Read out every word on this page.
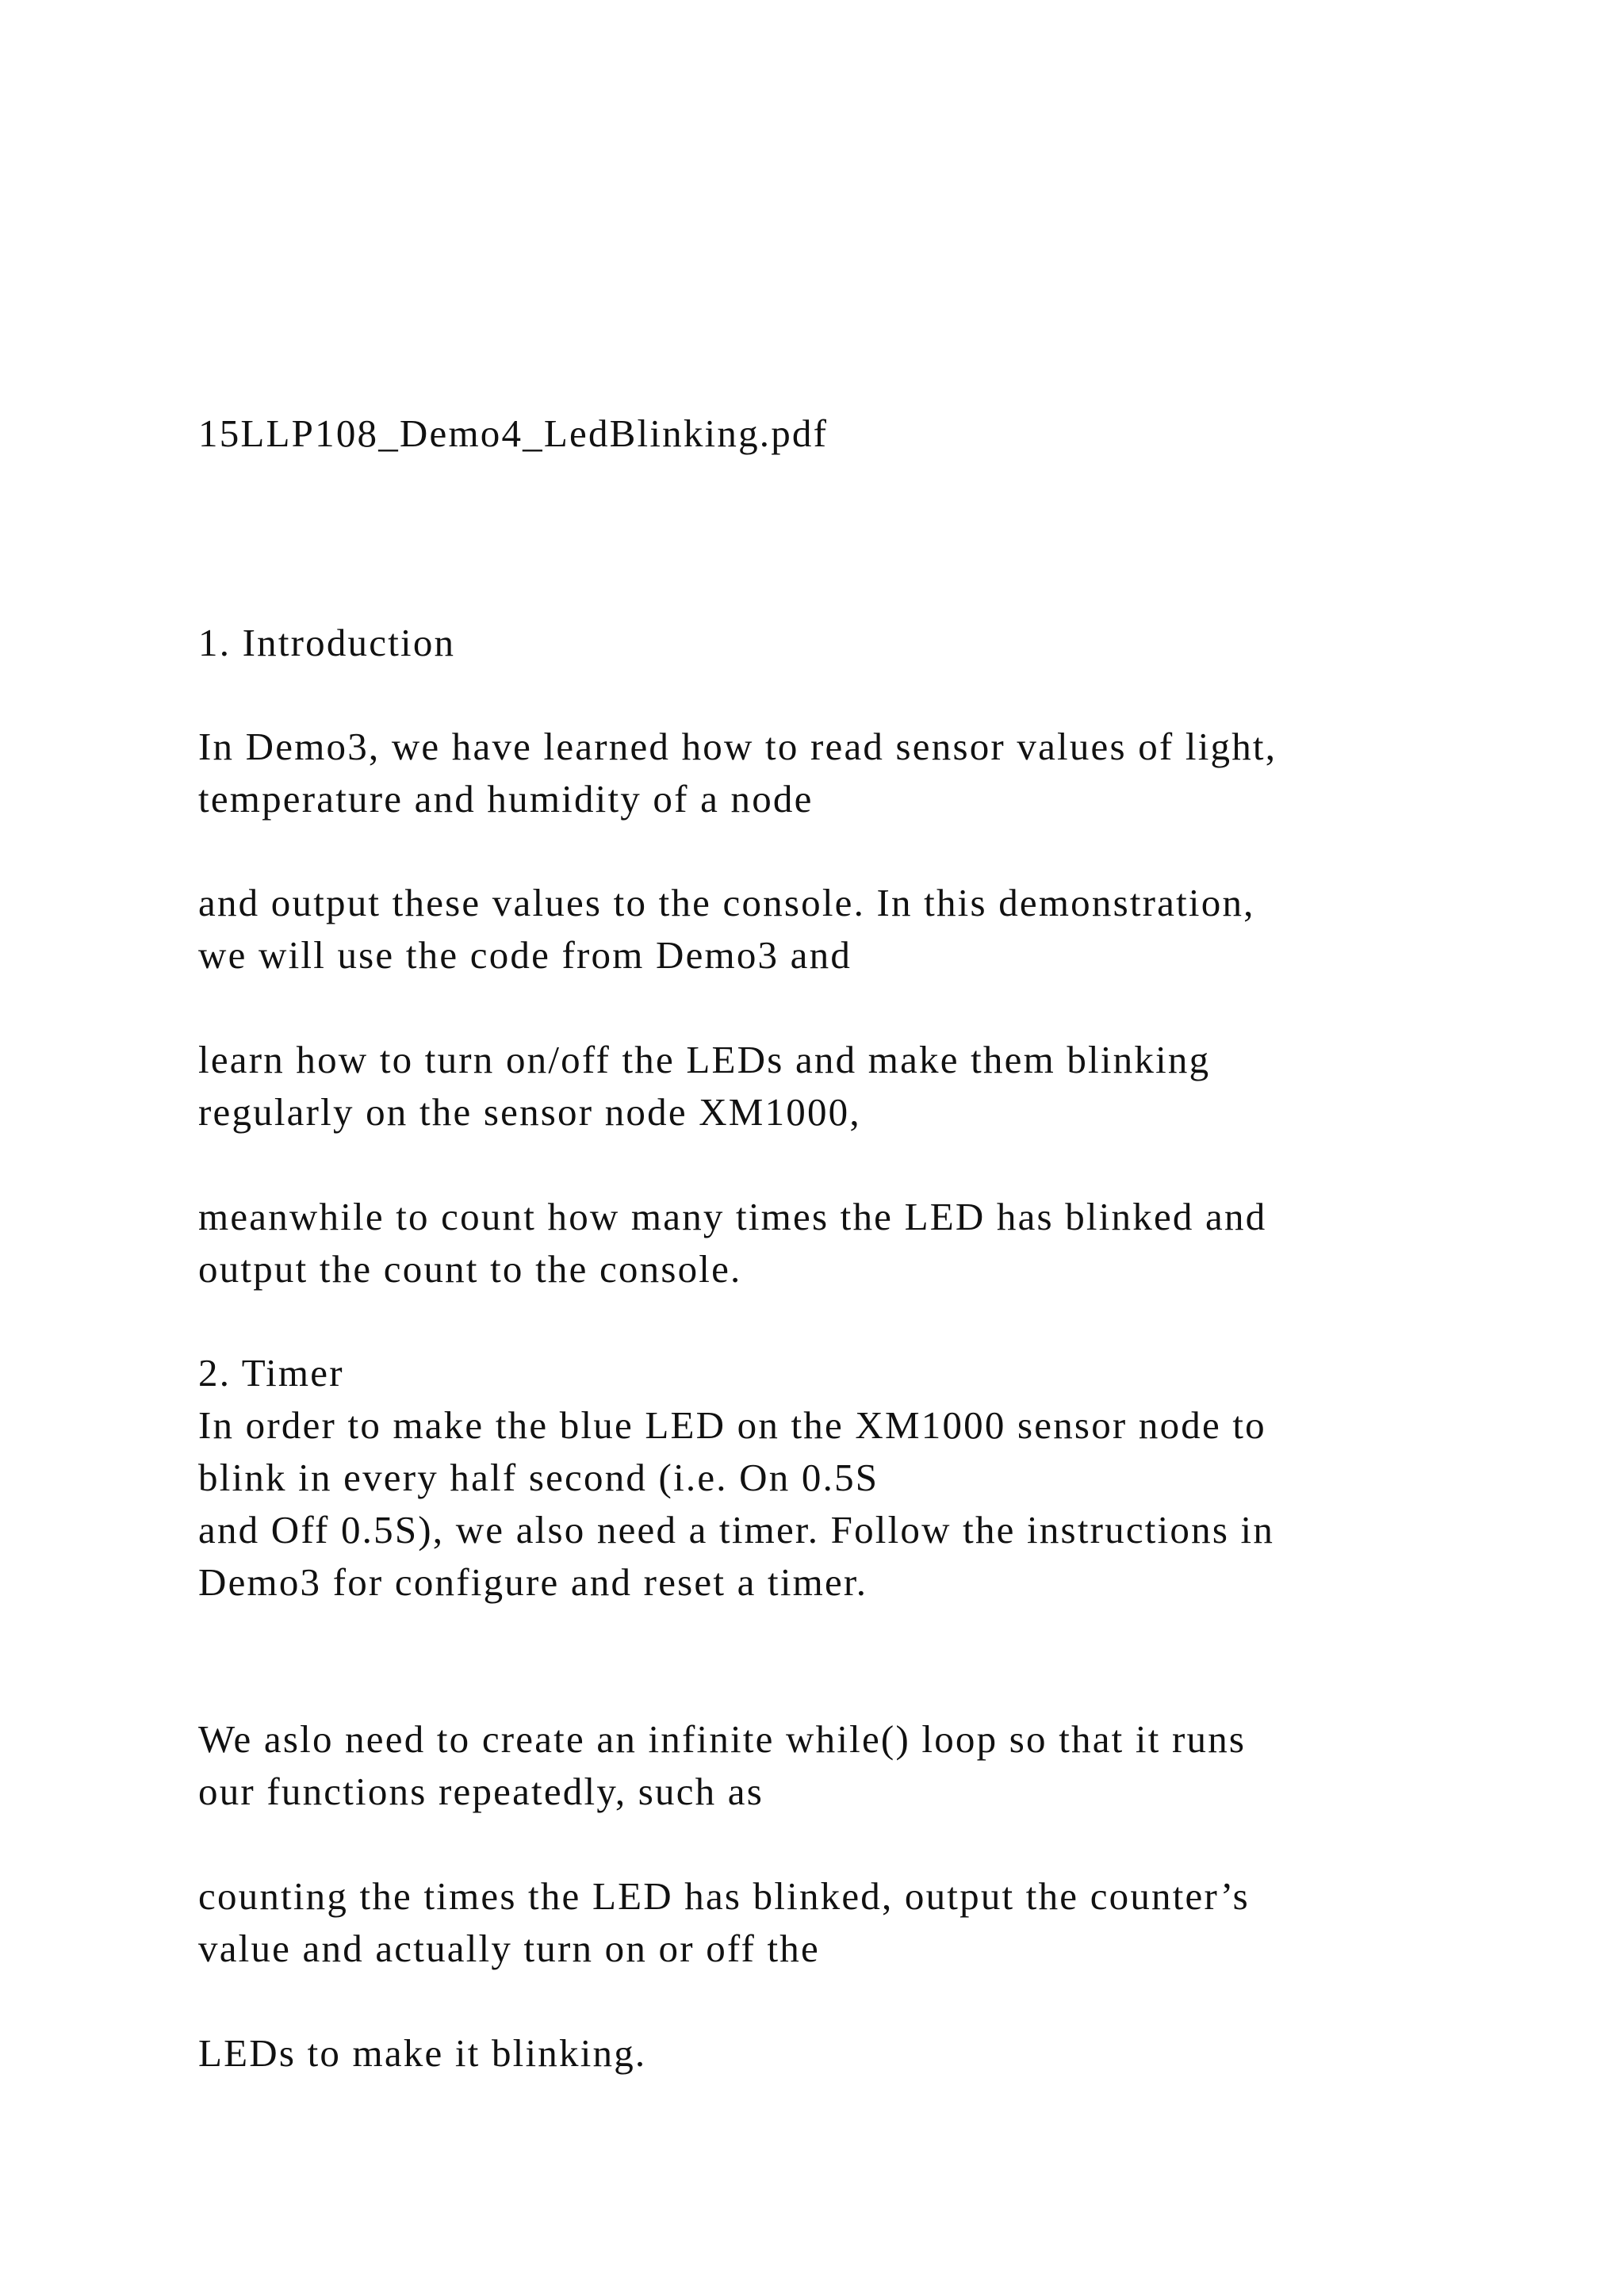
15LLP108_Demo4_LedBlinking.pdf
1. Introduction
In Demo3, we have learned how to read sensor values of light,
temperature and humidity of a node
and output these values to the console. In this demonstration,
we will use the code from Demo3 and
learn how to turn on/off the LEDs and make them blinking
regularly on the sensor node XM1000,
meanwhile to count how many times the LED has blinked and
output the count to the console.
2. Timer
In order to make the blue LED on the XM1000 sensor node to
blink in every half second (i.e. On 0.5S
and Off 0.5S), we also need a timer. Follow the instructions in
Demo3 for configure and reset a timer.
We aslo need to create an infinite while() loop so that it runs
our functions repeatedly, such as
counting the times the LED has blinked, output the counter’s
value and actually turn on or off the
LEDs to make it blinking.
